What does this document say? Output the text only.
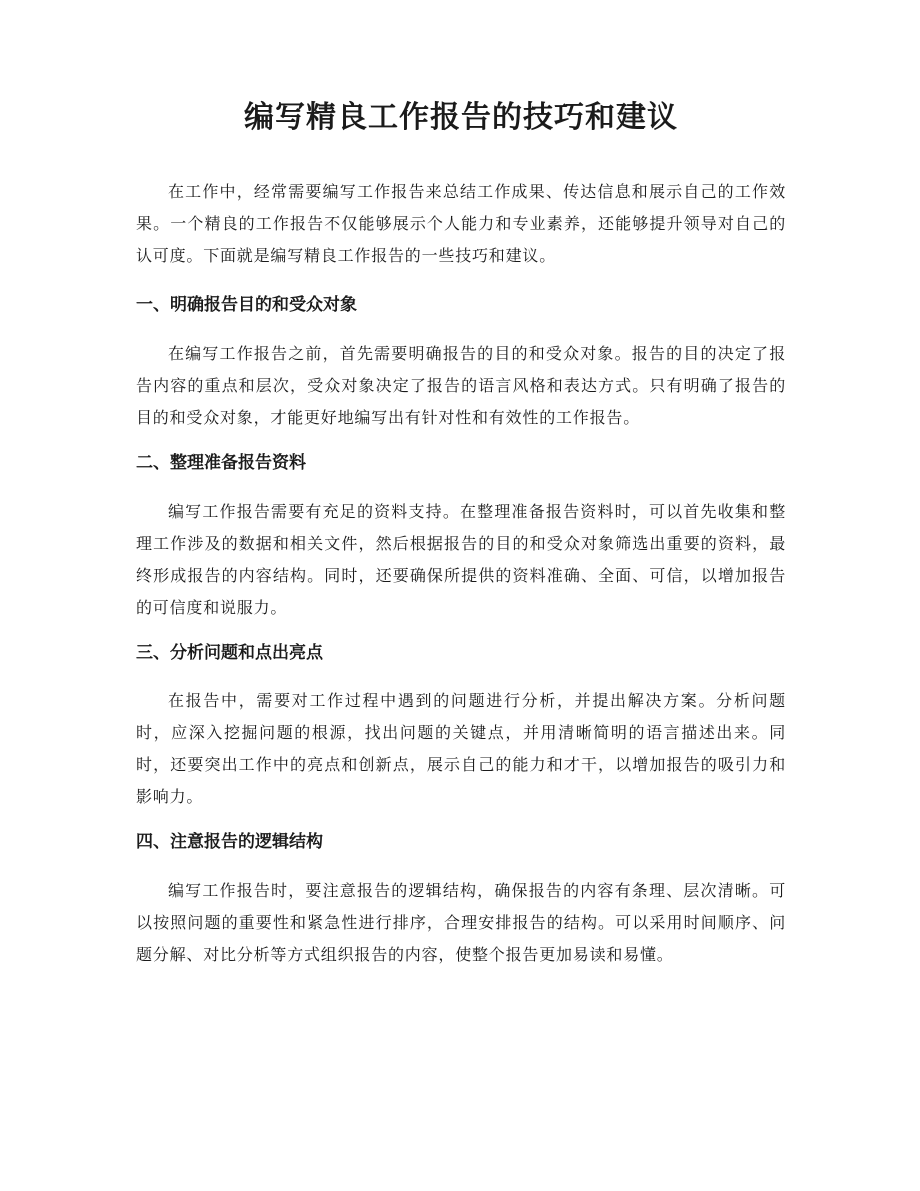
编写精良工作报告的技巧和建议

在工作中，经常需要编写工作报告来总结工作成果、传达信息和展示自己的工作效果。一个精良的工作报告不仅能够展示个人能力和专业素养，还能够提升领导对自己的认可度。下面就是编写精良工作报告的一些技巧和建议。

一、明确报告目的和受众对象

在编写工作报告之前，首先需要明确报告的目的和受众对象。报告的目的决定了报告内容的重点和层次，受众对象决定了报告的语言风格和表达方式。只有明确了报告的目的和受众对象，才能更好地编写出有针对性和有效性的工作报告。

二、整理准备报告资料

编写工作报告需要有充足的资料支持。在整理准备报告资料时，可以首先收集和整理工作涉及的数据和相关文件，然后根据报告的目的和受众对象筛选出重要的资料，最终形成报告的内容结构。同时，还要确保所提供的资料准确、全面、可信，以增加报告的可信度和说服力。

三、分析问题和点出亮点

在报告中，需要对工作过程中遇到的问题进行分析，并提出解决方案。分析问题时，应深入挖掘问题的根源，找出问题的关键点，并用清晰简明的语言描述出来。同时，还要突出工作中的亮点和创新点，展示自己的能力和才干，以增加报告的吸引力和影响力。

四、注意报告的逻辑结构

编写工作报告时，要注意报告的逻辑结构，确保报告的内容有条理、层次清晰。可以按照问题的重要性和紧急性进行排序，合理安排报告的结构。可以采用时间顺序、问题分解、对比分析等方式组织报告的内容，使整个报告更加易读和易懂。
